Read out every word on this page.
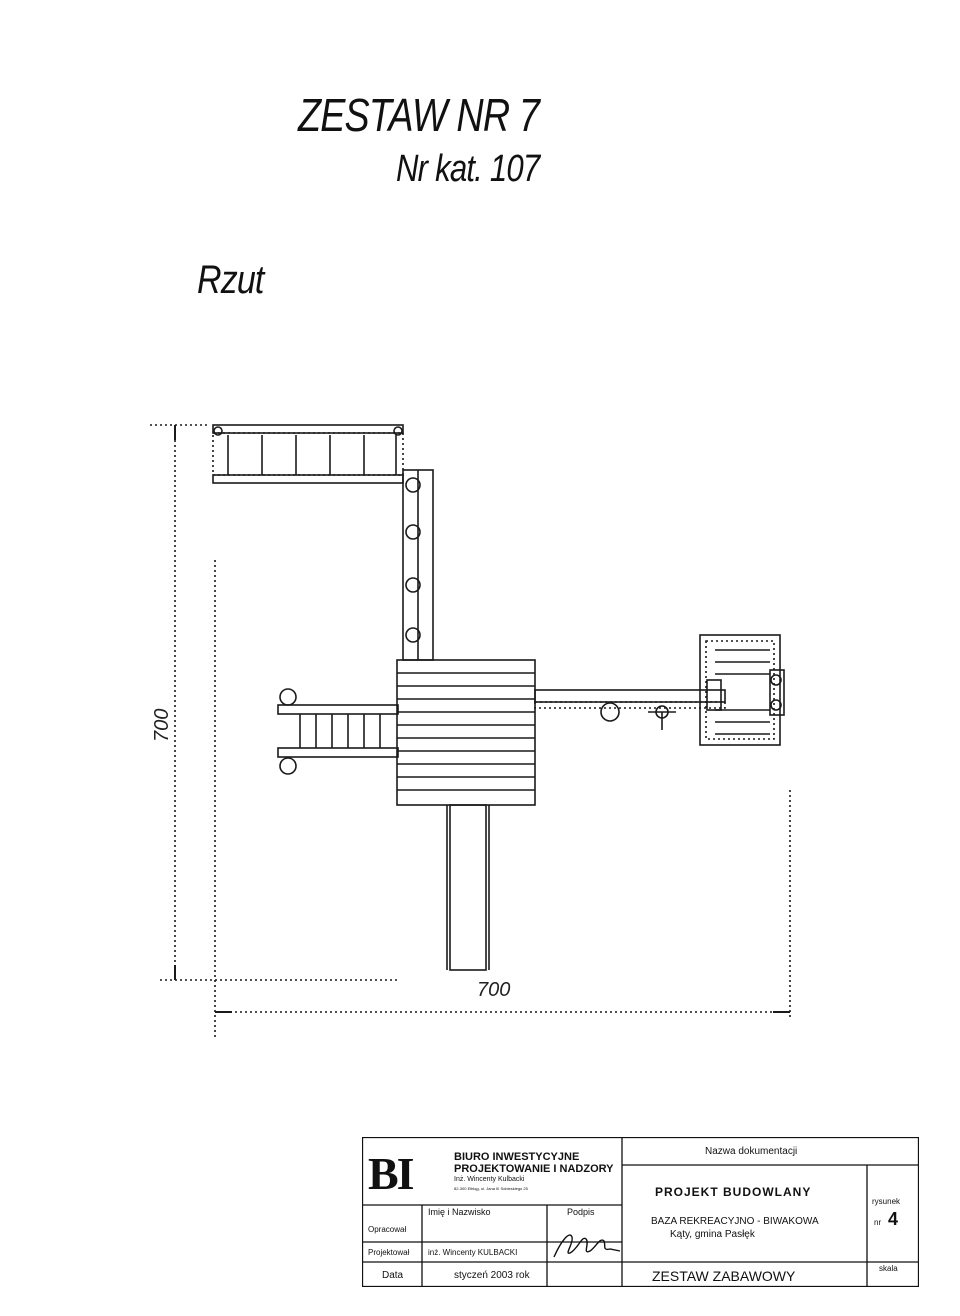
ZESTAW NR 7
Nr kat. 107
Rzut
700
700
BI	BIURO INWESTYCYJNE
PROJEKTOWANIE I NADZORY
Inż. Wincenty Kulbacki
82-300 Elbląg, ul. Jana III Sobieskiego 25
Imię i Nazwisko	Podpis
Opracował
Projektował inż. Wincenty KULBACKI
Data	styczeń 2003 rok
Nazwa dokumentacji
PROJEKT BUDOWLANY
BAZA REKREACYJNO - BIWAKOWA
Kąty, gmina Pasłęk
ZESTAW ZABAWOWY
rysunek
nr 4
skala
